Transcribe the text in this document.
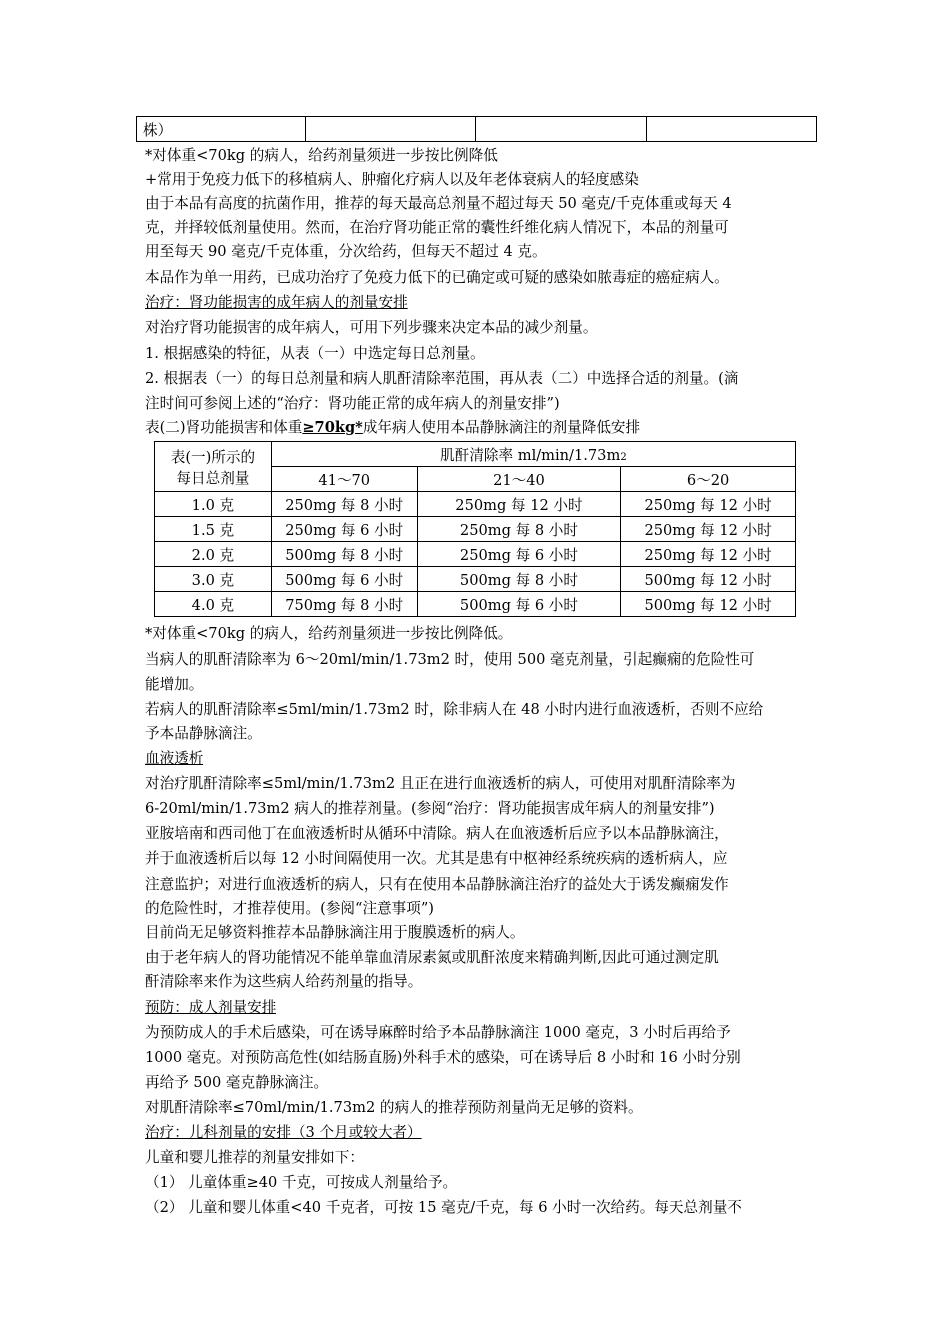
株）			
*对体重<70kg 的病人，给药剂量须进一步按比例降低
+常用于免疫力低下的移植病人、肿瘤化疗病人以及年老体衰病人的轻度感染
由于本品有高度的抗菌作用，推荐的每天最高总剂量不超过每天 50 毫克/千克体重或每天 4
克，并择较低剂量使用。然而，在治疗肾功能正常的囊性纤维化病人情况下，本品的剂量可
用至每天 90 毫克/千克体重，分次给药，但每天不超过 4 克。
本品作为单一用药，已成功治疗了免疫力低下的已确定或可疑的感染如脓毒症的癌症病人。
治疗：肾功能损害的成年病人的剂量安排
对治疗肾功能损害的成年病人，可用下列步骤来决定本品的减少剂量。
1. 根据感染的特征，从表（一）中选定每日总剂量。
2. 根据表（一）的每日总剂量和病人肌酐清除率范围，再从表（二）中选择合适的剂量。(滴
注时间可参阅上述的“治疗：肾功能正常的成年病人的剂量安排”)
表(二)肾功能损害和体重≥70kg*成年病人使用本品静脉滴注的剂量降低安排
表(一)所示的
每日总剂量	肌酐清除率 ml/min/1.73m2		
	41～70	21～40	6～20
1.0 克	250mg 每 8 小时	250mg 每 12 小时	250mg 每 12 小时
1.5 克	250mg 每 6 小时	250mg 每 8 小时	250mg 每 12 小时
2.0 克	500mg 每 8 小时	250mg 每 6 小时	250mg 每 12 小时
3.0 克	500mg 每 6 小时	500mg 每 8 小时	500mg 每 12 小时
4.0 克	750mg 每 8 小时	500mg 每 6 小时	500mg 每 12 小时
*对体重<70kg 的病人，给药剂量须进一步按比例降低。
当病人的肌酐清除率为 6～20ml/min/1.73m2 时，使用 500 毫克剂量，引起癫痫的危险性可
能增加。
若病人的肌酐清除率≤5ml/min/1.73m2 时，除非病人在 48 小时内进行血液透析，否则不应给
予本品静脉滴注。
血液透析
对治疗肌酐清除率≤5ml/min/1.73m2 且正在进行血液透析的病人，可使用对肌酐清除率为
6-20ml/min/1.73m2 病人的推荐剂量。(参阅“治疗：肾功能损害成年病人的剂量安排”)
亚胺培南和西司他丁在血液透析时从循环中清除。病人在血液透析后应予以本品静脉滴注，
并于血液透析后以每 12 小时间隔使用一次。尤其是患有中枢神经系统疾病的透析病人，应
注意监护；对进行血液透析的病人，只有在使用本品静脉滴注治疗的益处大于诱发癫痫发作
的危险性时，才推荐使用。(参阅“注意事项”)
目前尚无足够资料推荐本品静脉滴注用于腹膜透析的病人。
由于老年病人的肾功能情况不能单靠血清尿素氮或肌酐浓度来精确判断,因此可通过测定肌
酐清除率来作为这些病人给药剂量的指导。
预防：成人剂量安排
为预防成人的手术后感染，可在诱导麻醉时给予本品静脉滴注 1000 毫克，3 小时后再给予
1000 毫克。对预防高危性(如结肠直肠)外科手术的感染，可在诱导后 8 小时和 16 小时分别
再给予 500 毫克静脉滴注。
对肌酐清除率≤70ml/min/1.73m2 的病人的推荐预防剂量尚无足够的资料。
治疗：儿科剂量的安排（3 个月或较大者）
儿童和婴儿推荐的剂量安排如下：
（1） 儿童体重≥40 千克，可按成人剂量给予。
（2） 儿童和婴儿体重<40 千克者，可按 15 毫克/千克，每 6 小时一次给药。每天总剂量不
